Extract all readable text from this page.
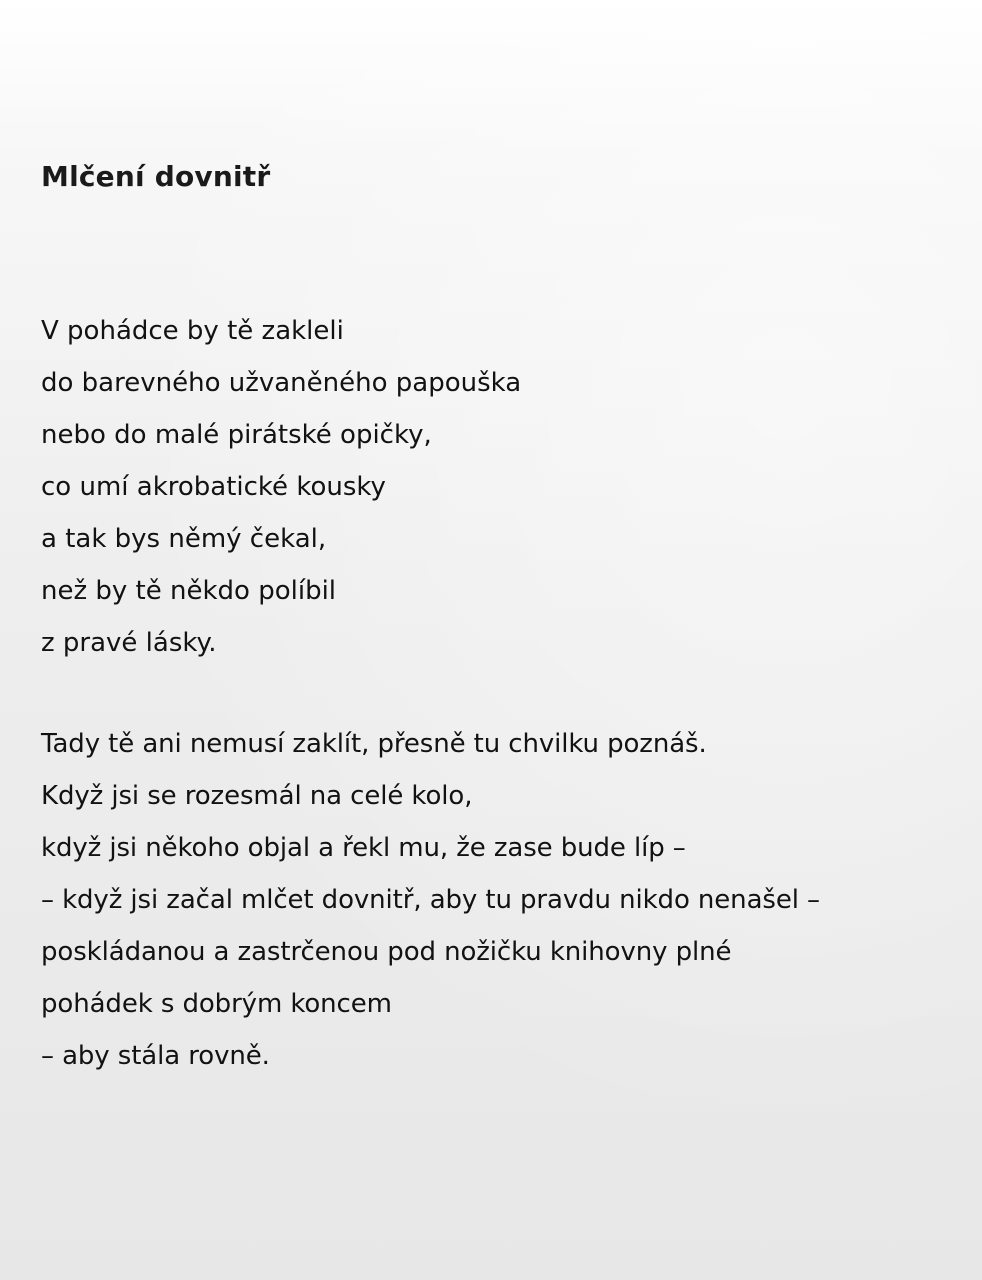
Mlčení dovnitř
V pohádce by tě zakleli
do barevného užvaněného papouška
nebo do malé pirátské opičky,
co umí akrobatické kousky
a tak bys němý čekal,
než by tě někdo políbil
z pravé lásky.
Tady tě ani nemusí zaklít, přesně tu chvilku poznáš.
Když jsi se rozesmál na celé kolo,
když jsi někoho objal a řekl mu, že zase bude líp –
– když jsi začal mlčet dovnitř, aby tu pravdu nikdo nenašel –
poskládanou a zastrčenou pod nožičku knihovny plné
pohádek s dobrým koncem
– aby stála rovně.
